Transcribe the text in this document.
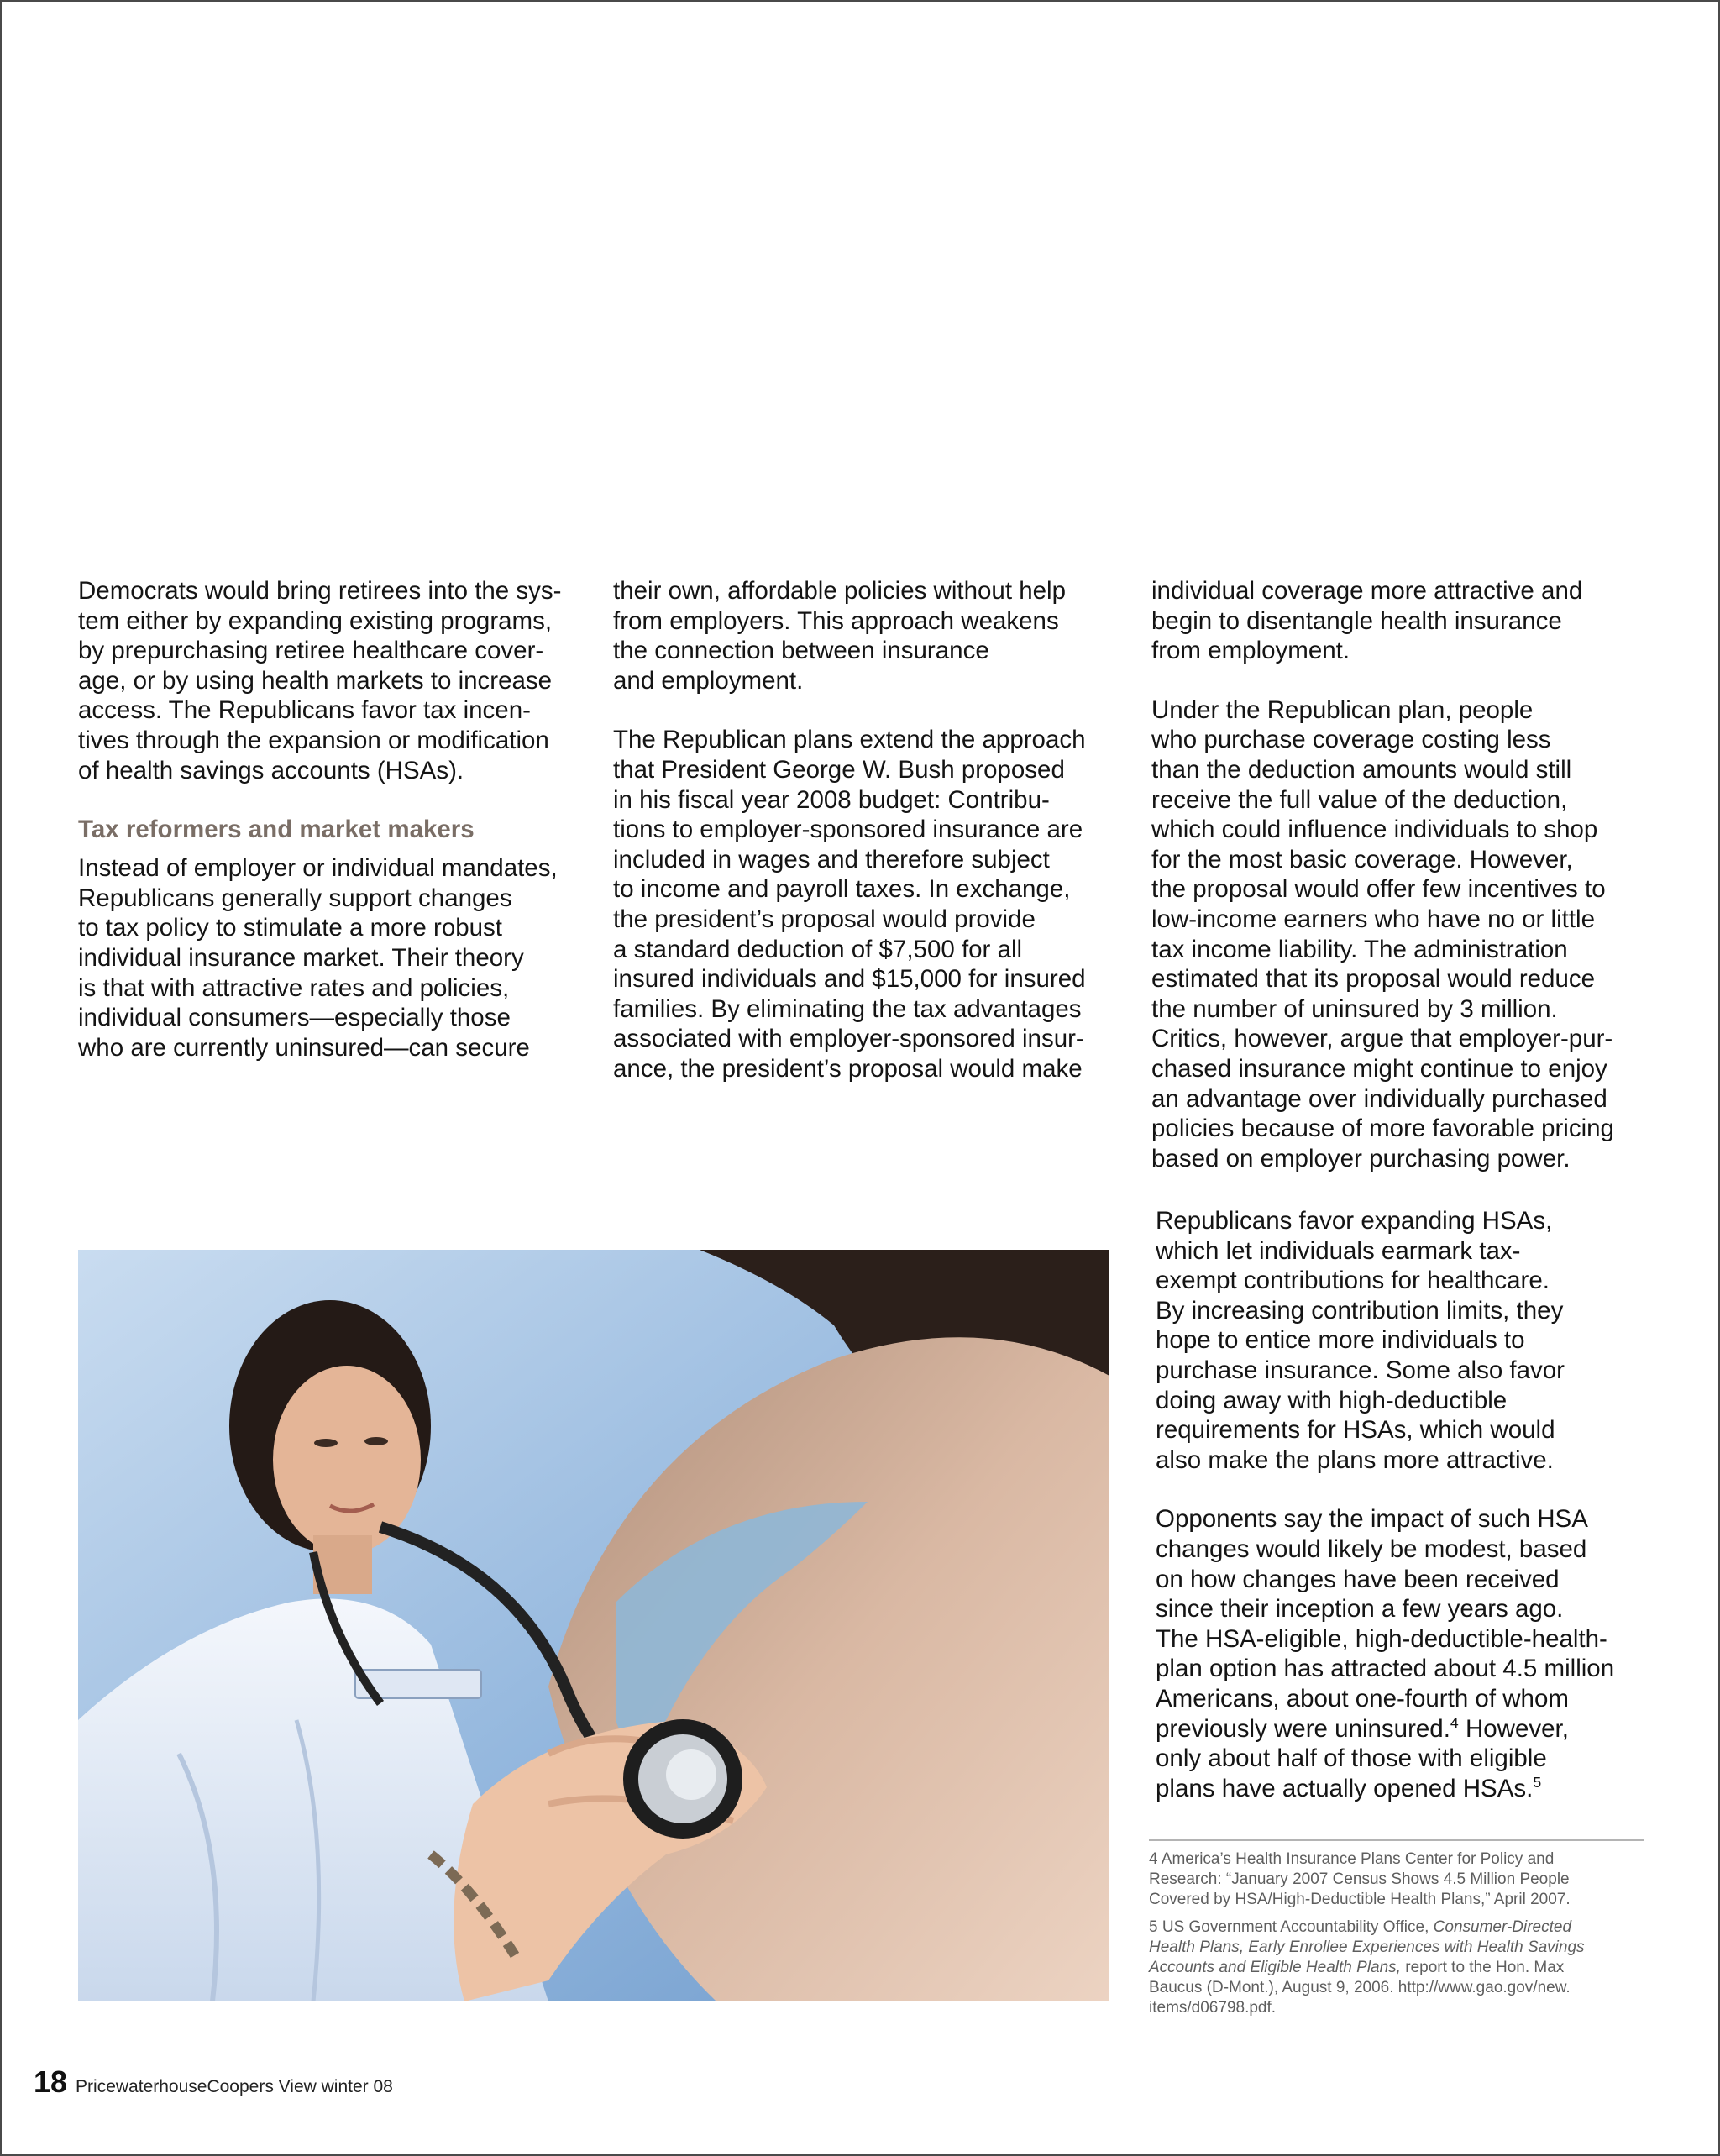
Democrats would bring retirees into the sys-
tem either by expanding existing programs,
by prepurchasing retiree healthcare cover-
age, or by using health markets to increase
access. The Republicans favor tax incen-
tives through the expansion or modification
of health savings accounts (HSAs).

Tax reformers and market makers

Instead of employer or individual mandates,
Republicans generally support changes
to tax policy to stimulate a more robust
individual insurance market. Their theory
is that with attractive rates and policies,
individual consumers—especially those
who are currently uninsured—can secure

their own, affordable policies without help
from employers. This approach weakens
the connection between insurance
and employment.

The Republican plans extend the approach
that President George W. Bush proposed
in his fiscal year 2008 budget: Contribu-
tions to employer-sponsored insurance are
included in wages and therefore subject
to income and payroll taxes. In exchange,
the president’s proposal would provide
a standard deduction of $7,500 for all
insured individuals and $15,000 for insured
families. By eliminating the tax advantages
associated with employer-sponsored insur-
ance, the president’s proposal would make

individual coverage more attractive and
begin to disentangle health insurance
from employment.

Under the Republican plan, people
who purchase coverage costing less
than the deduction amounts would still
receive the full value of the deduction,
which could influence individuals to shop
for the most basic coverage. However,
the proposal would offer few incentives to
low-income earners who have no or little
tax income liability. The administration
estimated that its proposal would reduce
the number of uninsured by 3 million.
Critics, however, argue that employer-pur-
chased insurance might continue to enjoy
an advantage over individually purchased
policies because of more favorable pricing
based on employer purchasing power.

Republicans favor expanding HSAs,
which let individuals earmark tax-
exempt contributions for healthcare.
By increasing contribution limits, they
hope to entice more individuals to
purchase insurance. Some also favor
doing away with high-deductible
requirements for HSAs, which would
also make the plans more attractive.

Opponents say the impact of such HSA
changes would likely be modest, based
on how changes have been received
since their inception a few years ago.
The HSA-eligible, high-deductible-health-
plan option has attracted about 4.5 million
Americans, about one-fourth of whom
previously were uninsured.$^4$ However,
only about half of those with eligible
plans have actually opened HSAs.$^5$

4 America’s Health Insurance Plans Center for Policy and
Research: “January 2007 Census Shows 4.5 Million People
Covered by HSA/High-Deductible Health Plans,” April 2007.

5 US Government Accountability Office, Consumer-Directed
Health Plans, Early Enrollee Experiences with Health Savings
Accounts and Eligible Health Plans, report to the Hon. Max
Baucus (D-Mont.), August 9, 2006. http://www.gao.gov/new.
items/d06798.pdf.

18 PricewaterhouseCoopers View winter 08
